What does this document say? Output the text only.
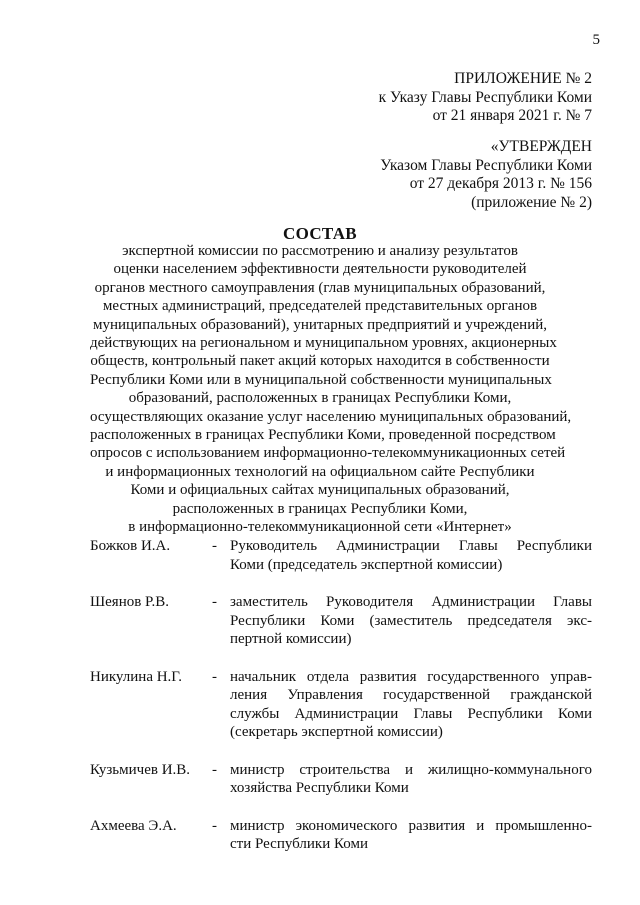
5
ПРИЛОЖЕНИЕ № 2
к Указу Главы Республики Коми
от 21 января 2021 г. № 7
«УТВЕРЖДЕН
Указом Главы Республики Коми
от 27 декабря 2013 г. № 156
(приложение № 2)
СОСТАВ
экспертной комиссии по рассмотрению и анализу результатов
оценки населением эффективности деятельности руководителей
органов местного самоуправления (глав муниципальных образований,
местных администраций, председателей представительных органов
муниципальных образований), унитарных предприятий и учреждений,
действующих на региональном и муниципальном уровнях, акционерных
обществ, контрольный пакет акций которых находится в собственности
Республики Коми или в муниципальной собственности муниципальных
образований, расположенных в границах Республики Коми,
осуществляющих оказание услуг населению муниципальных образований,
расположенных в границах Республики Коми, проведенной посредством
опросов с использованием информационно-телекоммуникационных сетей
и информационных технологий на официальном сайте Республики
Коми и официальных сайтах муниципальных образований,
расположенных в границах Республики Коми,
в информационно-телекоммуникационной сети «Интернет»
Божков И.А.	- Руководитель Администрации Главы Республики
Коми (председатель экспертной комиссии)
Шеянов Р.В.	- заместитель Руководителя Администрации Главы
Республики Коми (заместитель председателя экс-
пертной комиссии)
Никулина Н.Г.	- начальник отдела развития государственного управ-
ления Управления государственной гражданской
службы Администрации Главы Республики Коми
(секретарь экспертной комиссии)
Кузьмичев И.В.	- министр строительства и жилищно-коммунального
хозяйства Республики Коми
Ахмеева Э.А.	- министр экономического развития и промышленно-
сти Республики Коми
